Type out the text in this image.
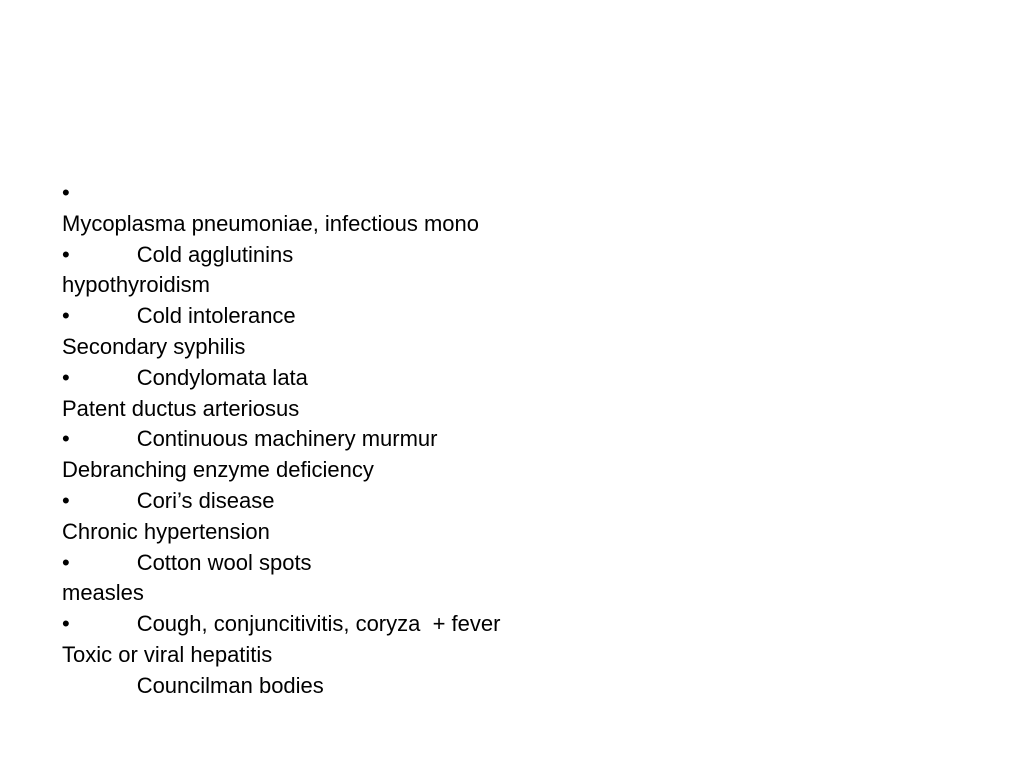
•

Cold agglutinins

Mycoplasma pneumoniae, infectious mono

•

Cold intolerance

hypothyroidism

•

Condylomata lata

Secondary syphilis

•

Continuous machinery murmur

Patent ductus arteriosus

•

Cori’s disease

Debranching enzyme deficiency

•

Cotton wool spots

Chronic hypertension

•

Cough, conjuncitivitis, coryza  + fever

measles

•

Councilman bodies

Toxic or viral hepatitis
